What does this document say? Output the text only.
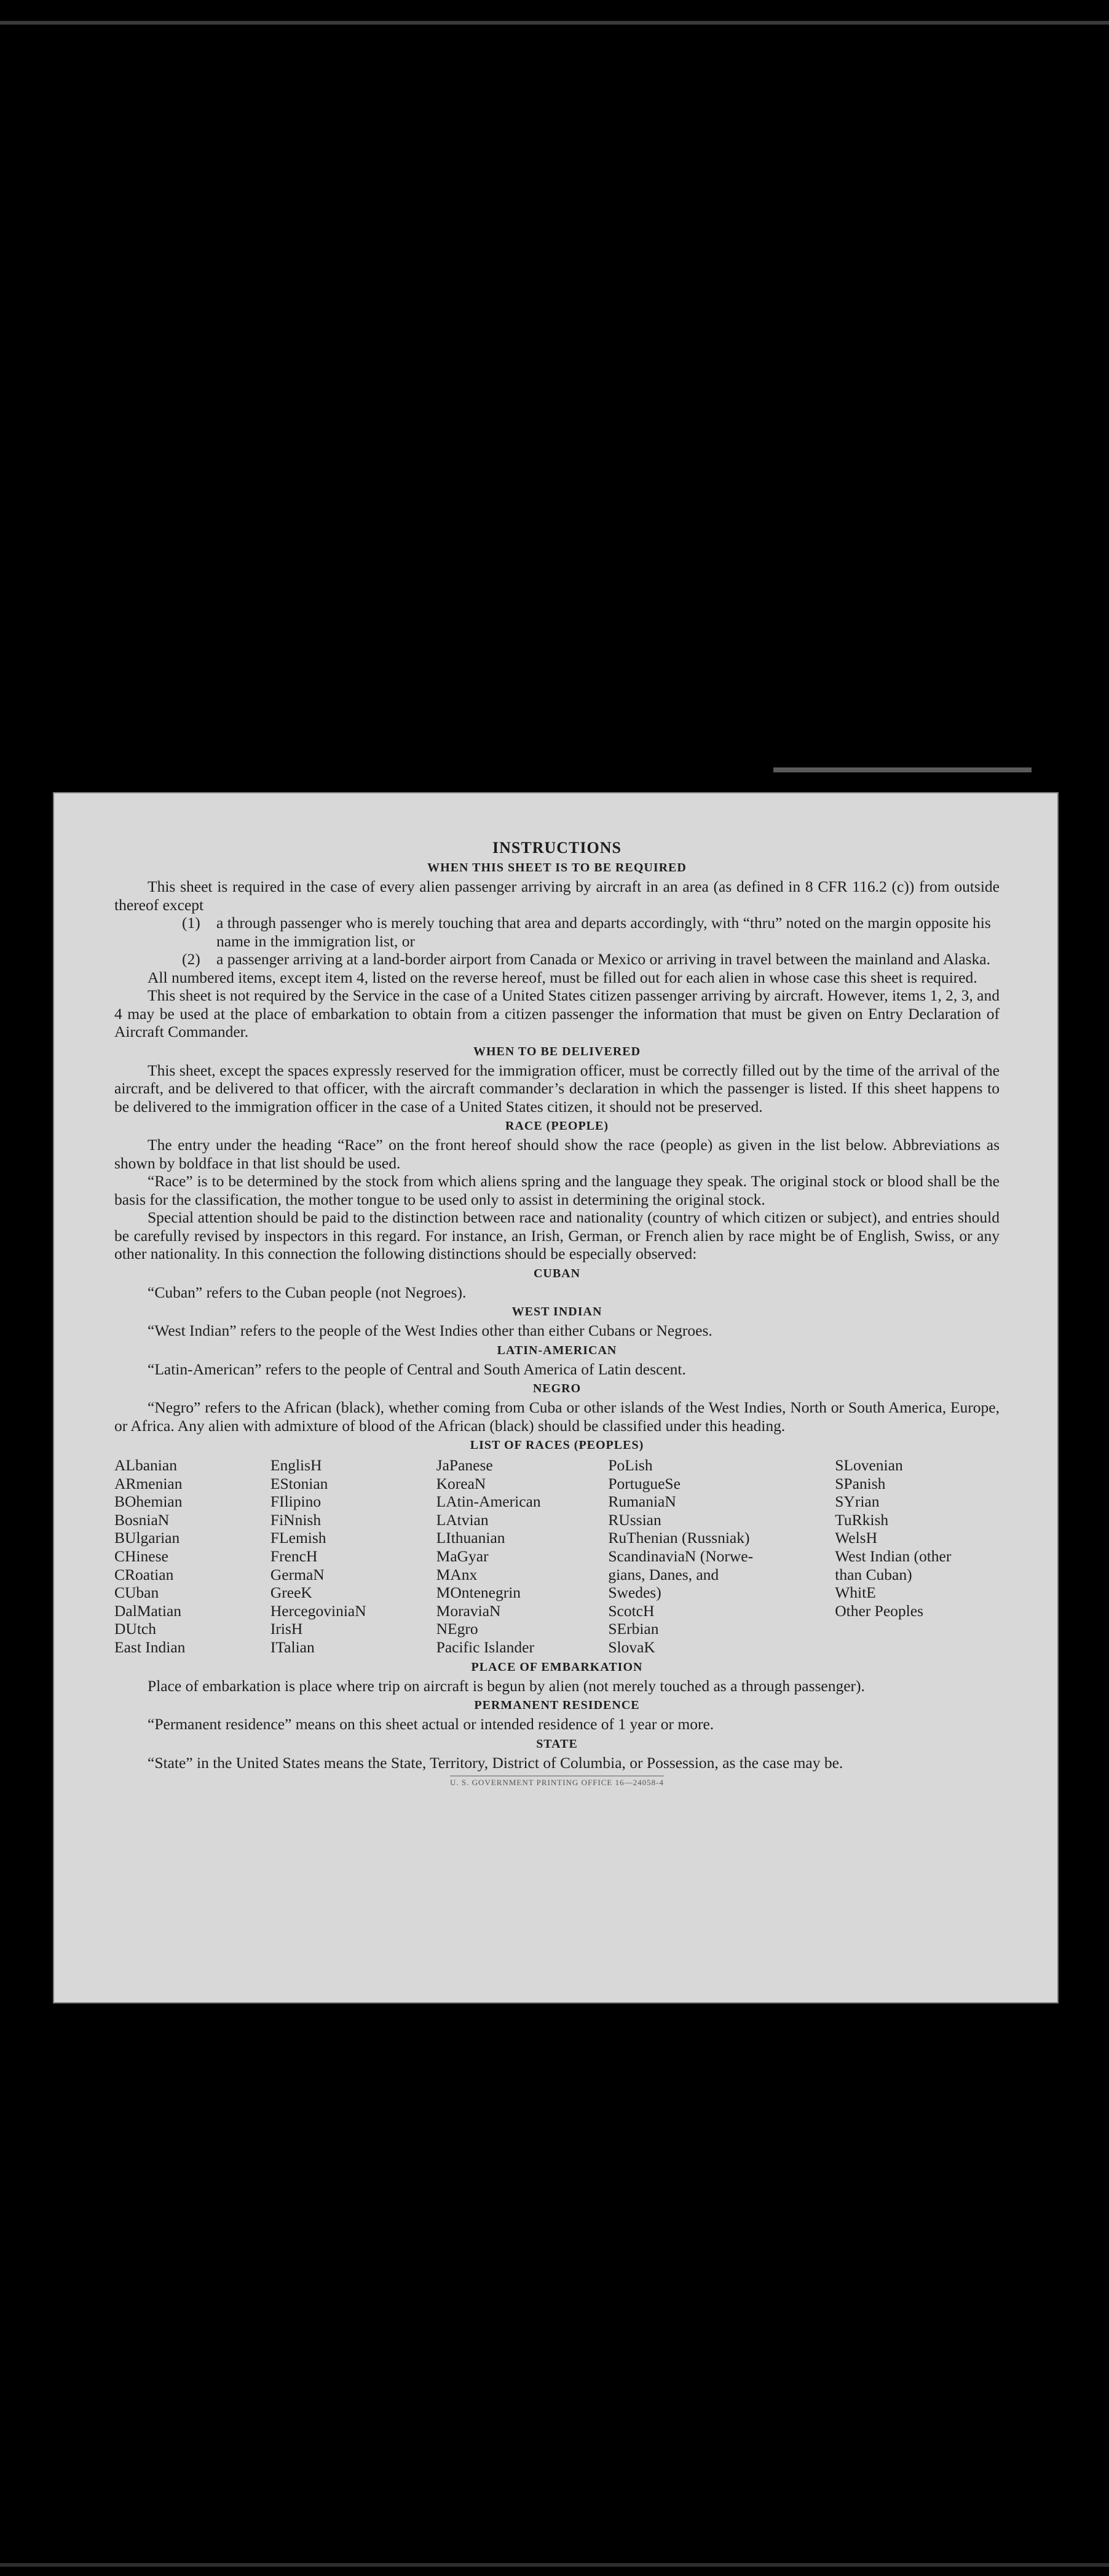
INSTRUCTIONS
WHEN THIS SHEET IS TO BE REQUIRED

This sheet is required in the case of every alien passenger arriving by aircraft in an area (as defined in 8 CFR 116.2 (c)) from outside thereof except

(1)	a through passenger who is merely touching that area and departs accordingly, with “thru” noted on the margin opposite his name in the immigration list, or
(2)	a passenger arriving at a land-border airport from Canada or Mexico or arriving in travel between the mainland and Alaska.

All numbered items, except item 4, listed on the reverse hereof, must be filled out for each alien in whose case this sheet is required.

This sheet is not required by the Service in the case of a United States citizen passenger arriving by aircraft. However, items 1, 2, 3, and 4 may be used at the place of embarkation to obtain from a citizen passenger the information that must be given on Entry Declaration of Aircraft Commander.

WHEN TO BE DELIVERED

This sheet, except the spaces expressly reserved for the immigration officer, must be correctly filled out by the time of the arrival of the aircraft, and be delivered to that officer, with the aircraft commander’s declaration in which the passenger is listed. If this sheet happens to be delivered to the immigration officer in the case of a United States citizen, it should not be preserved.

RACE (PEOPLE)

The entry under the heading “Race” on the front hereof should show the race (people) as given in the list below. Abbreviations as shown by boldface in that list should be used.

“Race” is to be determined by the stock from which aliens spring and the language they speak. The original stock or blood shall be the basis for the classification, the mother tongue to be used only to assist in determining the original stock.

Special attention should be paid to the distinction between race and nationality (country of which citizen or subject), and entries should be carefully revised by inspectors in this regard. For instance, an Irish, German, or French alien by race might be of English, Swiss, or any other nationality. In this connection the following distinctions should be especially observed:

CUBAN

“Cuban” refers to the Cuban people (not Negroes).

WEST INDIAN

“West Indian” refers to the people of the West Indies other than either Cubans or Negroes.

LATIN-AMERICAN

“Latin-American” refers to the people of Central and South America of Latin descent.

NEGRO

“Negro” refers to the African (black), whether coming from Cuba or other islands of the West Indies, North or South America, Europe, or Africa. Any alien with admixture of blood of the African (black) should be classified under this heading.

LIST OF RACES (PEOPLES)
ALbanian
ARmenian
BOhemian
BosniaN
BUlgarian
CHinese
CRoatian
CUban
DalMatian
DUtch
East Indian
EnglisH
EStonian
FIlipino
FiNnish
FLemish
FrencH
GermaN
GreeK
HercegoviniaN
IrisH
ITalian
JaPanese
KoreaN
LAtin-American
LAtvian
LIthuanian
MaGyar
MAnx
MOntenegrin
MoraviaN
NEgro
Pacific Islander
PoLish
PortugueSe
RumaniaN
RUssian
RuThenian (Russniak)
ScandinaviaN (Norwe-
gians, Danes, and
Swedes)
ScotcH
SErbian
SlovaK
SLovenian
SPanish
SYrian
TuRkish
WelsH
West Indian (other
than Cuban)
WhitE
Other Peoples
PLACE OF EMBARKATION

Place of embarkation is place where trip on aircraft is begun by alien (not merely touched as a through passenger).

PERMANENT RESIDENCE

“Permanent residence” means on this sheet actual or intended residence of 1 year or more.

STATE

“State” in the United States means the State, Territory, District of Columbia, or Possession, as the case may be.

U. S. GOVERNMENT PRINTING OFFICE 16—24058-4
